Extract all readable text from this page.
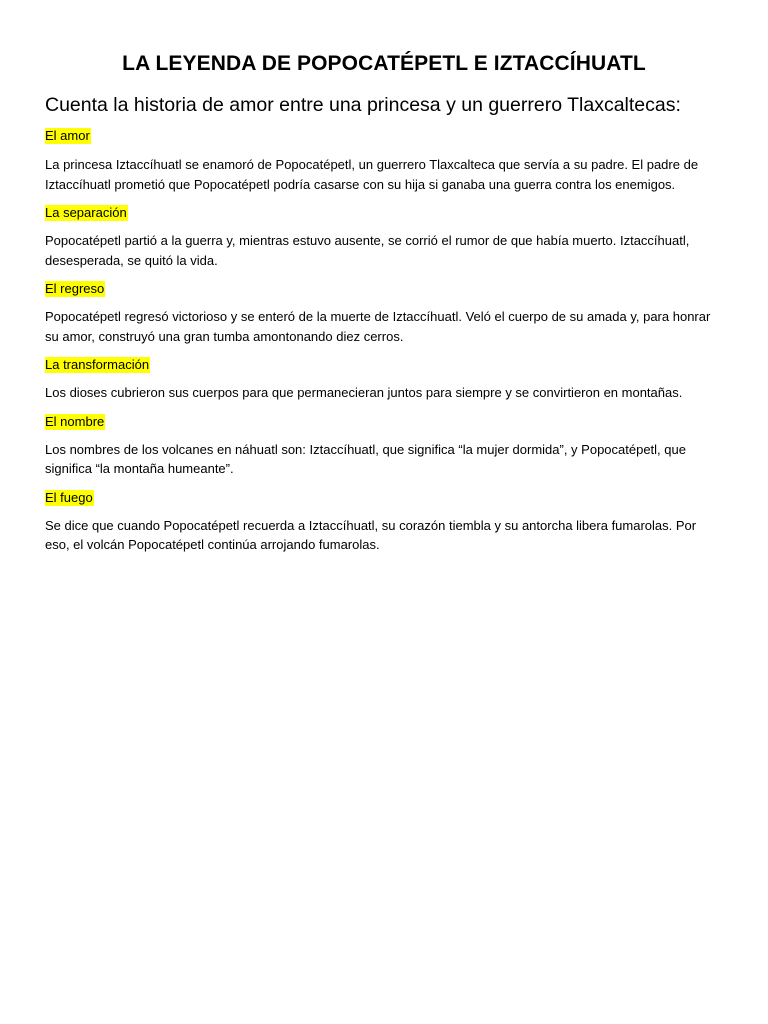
LA LEYENDA DE POPOCATÉPETL E IZTACCÍHUATL

Cuenta la historia de amor entre una princesa y un guerrero Tlaxcaltecas:

El amor

La princesa Iztaccíhuatl se enamoró de Popocatépetl, un guerrero Tlaxcalteca que servía a su padre. El padre de Iztaccíhuatl prometió que Popocatépetl podría casarse con su hija si ganaba una guerra contra los enemigos.

La separación

Popocatépetl partió a la guerra y, mientras estuvo ausente, se corrió el rumor de que había muerto. Iztaccíhuatl, desesperada, se quitó la vida.

El regreso

Popocatépetl regresó victorioso y se enteró de la muerte de Iztaccíhuatl. Veló el cuerpo de su amada y, para honrar su amor, construyó una gran tumba amontonando diez cerros.

La transformación

Los dioses cubrieron sus cuerpos para que permanecieran juntos para siempre y se convirtieron en montañas.

El nombre

Los nombres de los volcanes en náhuatl son: Iztaccíhuatl, que significa “la mujer dormida”, y Popocatépetl, que significa “la montaña humeante”.

El fuego

Se dice que cuando Popocatépetl recuerda a Iztaccíhuatl, su corazón tiembla y su antorcha libera fumarolas. Por eso, el volcán Popocatépetl continúa arrojando fumarolas.
